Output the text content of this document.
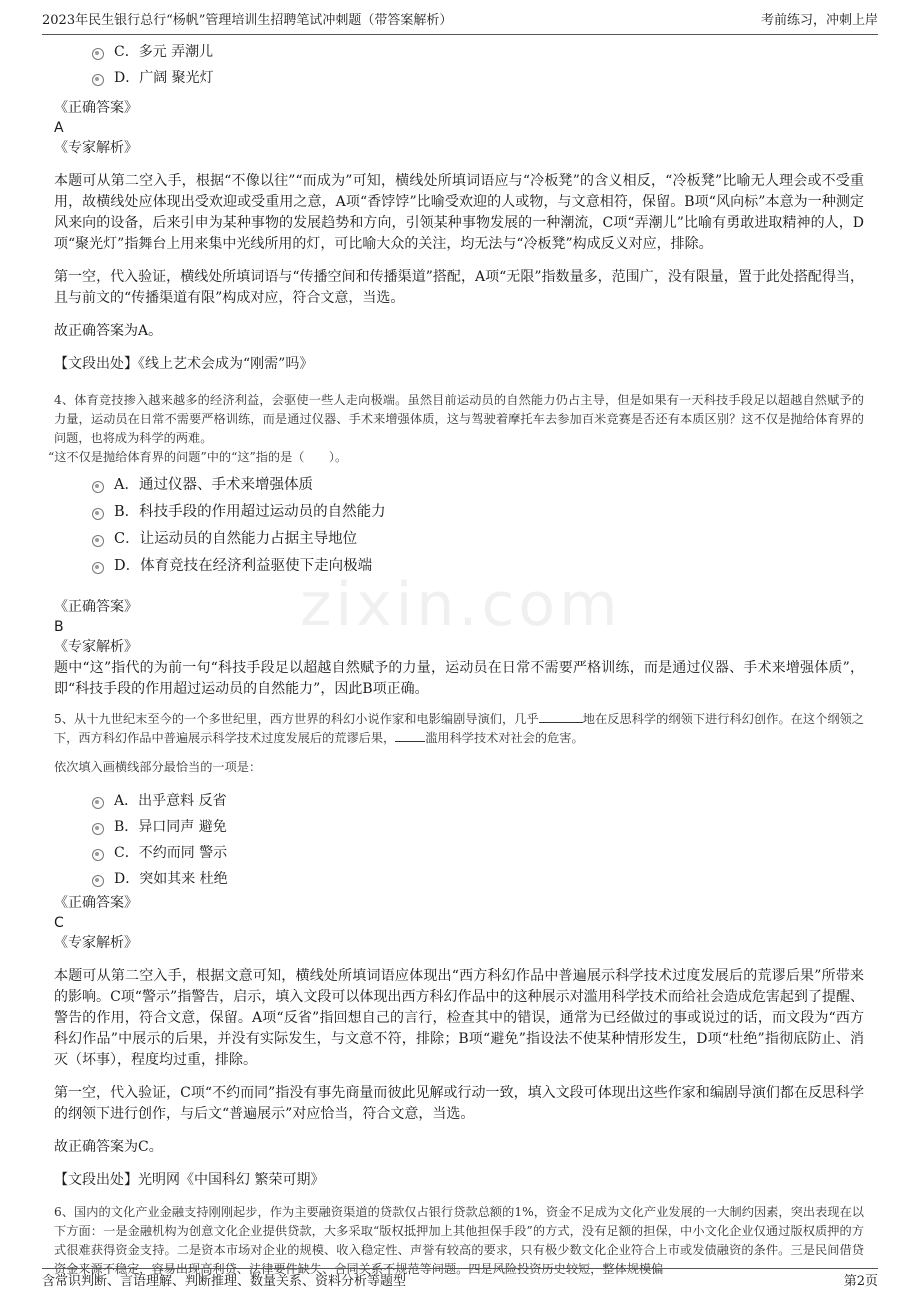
2023年民生银行总行“杨帆”管理培训生招聘笔试冲刺题（带答案解析）	考前练习，冲刺上岸
zixin.com
C．多元 弄潮儿
D．广阔 聚光灯
《正确答案》
A
《专家解析》

本题可从第二空入手，根据“不像以往”“而成为”可知，横线处所填词语应与“冷板凳”的含义相反，“冷板凳”比喻无人理会或不受重用，故横线处应体现出受欢迎或受重用之意，A项“香饽饽”比喻受欢迎的人或物，与文意相符，保留。B项“风向标”本意为一种测定风来向的设备，后来引申为某种事物的发展趋势和方向，引领某种事物发展的一种潮流，C项“弄潮儿”比喻有勇敢进取精神的人，D项“聚光灯”指舞台上用来集中光线所用的灯，可比喻大众的关注，均无法与“冷板凳”构成反义对应，排除。

第一空，代入验证，横线处所填词语与“传播空间和传播渠道”搭配，A项“无限”指数量多，范围广，没有限量，置于此处搭配得当，且与前文的“传播渠道有限”构成对应，符合文意，当选。

故正确答案为A。

【文段出处】《线上艺术会成为“刚需”吗》

4、体育竞技掺入越来越多的经济利益，会驱使一些人走向极端。虽然目前运动员的自然能力仍占主导，但是如果有一天科技手段足以超越自然赋予的力量，运动员在日常不需要严格训练，而是通过仪器、手术来增强体质，这与驾驶着摩托车去参加百米竞赛是否还有本质区别？这不仅是抛给体育界的问题，也将成为科学的两难。

“这不仅是抛给体育界的问题”中的“这”指的是（　　）。

A．通过仪器、手术来增强体质
B．科技手段的作用超过运动员的自然能力
C．让运动员的自然能力占据主导地位
D．体育竞技在经济利益驱使下走向极端
《正确答案》
B
《专家解析》

题中“这”指代的为前一句“科技手段足以超越自然赋予的力量，运动员在日常不需要严格训练，而是通过仪器、手术来增强体质”，即“科技手段的作用超过运动员的自然能力”，因此B项正确。

5、从十九世纪末至今的一个多世纪里，西方世界的科幻小说作家和电影编剧导演们，几乎	地在反思科学的纲领下进行科幻创作。在这个纲领之下，西方科幻作品中普遍展示科学技术过度发展后的荒谬后果， 滥用科学技术对社会的危害。

依次填入画横线部分最恰当的一项是：

A．出乎意料 反省
B．异口同声 避免
C．不约而同 警示
D．突如其来 杜绝
《正确答案》
C
《专家解析》

本题可从第二空入手，根据文意可知，横线处所填词语应体现出“西方科幻作品中普遍展示科学技术过度发展后的荒谬后果”所带来的影响。C项“警示”指警告，启示，填入文段可以体现出西方科幻作品中的这种展示对滥用科学技术而给社会造成危害起到了提醒、警告的作用，符合文意，保留。A项“反省”指回想自己的言行，检查其中的错误，通常为已经做过的事或说过的话，而文段为“西方科幻作品”中展示的后果，并没有实际发生，与文意不符，排除；B项“避免”指设法不使某种情形发生，D项“杜绝”指彻底防止、消灭（坏事），程度均过重，排除。

第一空，代入验证，C项“不约而同”指没有事先商量而彼此见解或行动一致，填入文段可体现出这些作家和编剧导演们都在反思科学的纲领下进行创作，与后文“普遍展示”对应恰当，符合文意，当选。

故正确答案为C。

【文段出处】光明网《中国科幻 繁荣可期》

6、国内的文化产业金融支持刚刚起步，作为主要融资渠道的贷款仅占银行贷款总额的1%，资金不足成为文化产业发展的一大制约因素，突出表现在以下方面：一是金融机构为创意文化企业提供贷款，大多采取“版权抵押加上其他担保手段”的方式，没有足额的担保，中小文化企业仅通过版权质押的方式很难获得资金支持。二是资本市场对企业的规模、收入稳定性、声誉有较高的要求，只有极少数文化企业符合上市或发债融资的条件。三是民间借贷资金来源不稳定，容易出现高利贷、法律要件缺失、合同关系不规范等问题。四是风险投资历史较短，整体规模偏

含常识判断、言语理解、判断推理、数量关系、资料分析等题型	第2页
